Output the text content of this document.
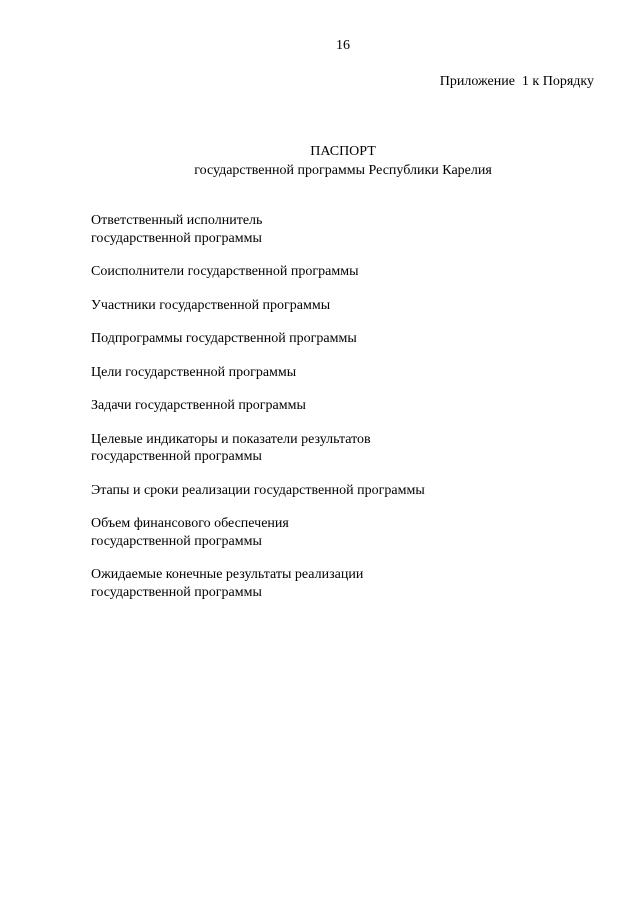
16
Приложение  1 к Порядку
ПАСПОРТ
государственной программы Республики Карелия
Ответственный исполнитель
государственной программы
Соисполнители государственной программы
Участники государственной программы
Подпрограммы государственной программы
Цели государственной программы
Задачи государственной программы
Целевые индикаторы и показатели результатов
государственной программы
Этапы и сроки реализации государственной программы
Объем финансового обеспечения
государственной программы
Ожидаемые конечные результаты реализации
государственной программы
